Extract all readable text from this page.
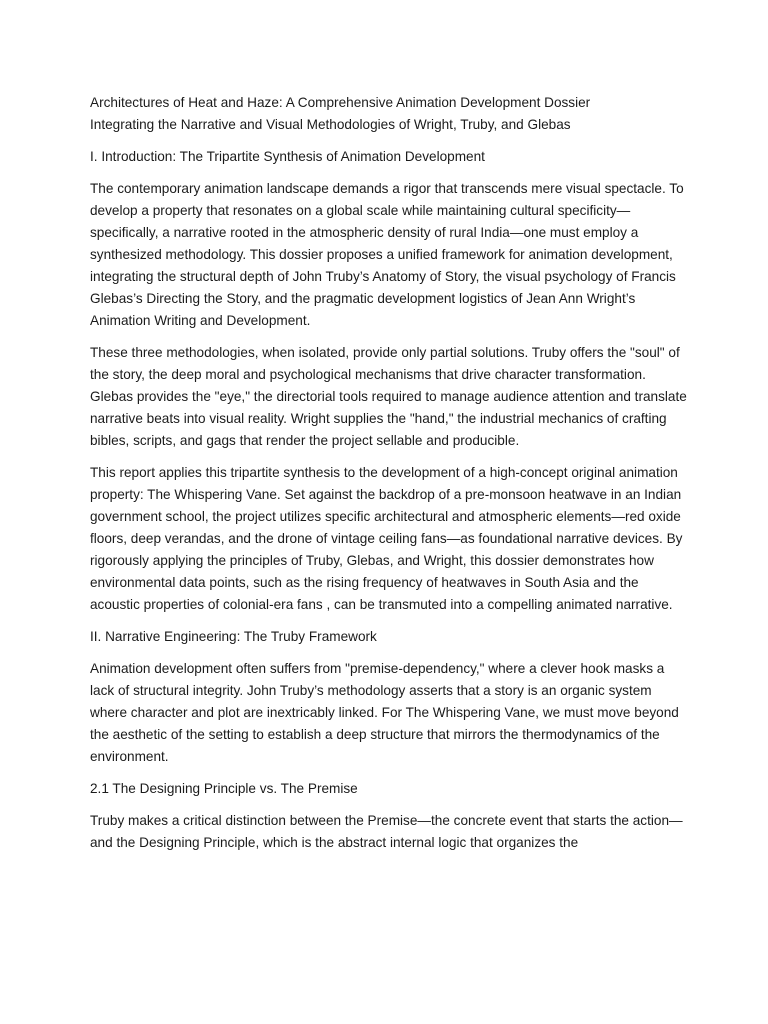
Architectures of Heat and Haze: A Comprehensive Animation Development Dossier
Integrating the Narrative and Visual Methodologies of Wright, Truby, and Glebas

I. Introduction: The Tripartite Synthesis of Animation Development

The contemporary animation landscape demands a rigor that transcends mere visual spectacle. To develop a property that resonates on a global scale while maintaining cultural specificity—specifically, a narrative rooted in the atmospheric density of rural India—one must employ a synthesized methodology. This dossier proposes a unified framework for animation development, integrating the structural depth of John Truby’s Anatomy of Story, the visual psychology of Francis Glebas’s Directing the Story, and the pragmatic development logistics of Jean Ann Wright’s Animation Writing and Development.

These three methodologies, when isolated, provide only partial solutions. Truby offers the "soul" of the story, the deep moral and psychological mechanisms that drive character transformation. Glebas provides the "eye," the directorial tools required to manage audience attention and translate narrative beats into visual reality. Wright supplies the "hand," the industrial mechanics of crafting bibles, scripts, and gags that render the project sellable and producible.

This report applies this tripartite synthesis to the development of a high-concept original animation property: The Whispering Vane. Set against the backdrop of a pre-monsoon heatwave in an Indian government school, the project utilizes specific architectural and atmospheric elements—red oxide floors, deep verandas, and the drone of vintage ceiling fans—as foundational narrative devices. By rigorously applying the principles of Truby, Glebas, and Wright, this dossier demonstrates how environmental data points, such as the rising frequency of heatwaves in South Asia and the acoustic properties of colonial-era fans , can be transmuted into a compelling animated narrative.

II. Narrative Engineering: The Truby Framework

Animation development often suffers from "premise-dependency," where a clever hook masks a lack of structural integrity. John Truby’s methodology asserts that a story is an organic system where character and plot are inextricably linked. For The Whispering Vane, we must move beyond the aesthetic of the setting to establish a deep structure that mirrors the thermodynamics of the environment.

2.1 The Designing Principle vs. The Premise

Truby makes a critical distinction between the Premise—the concrete event that starts the action—and the Designing Principle, which is the abstract internal logic that organizes the
